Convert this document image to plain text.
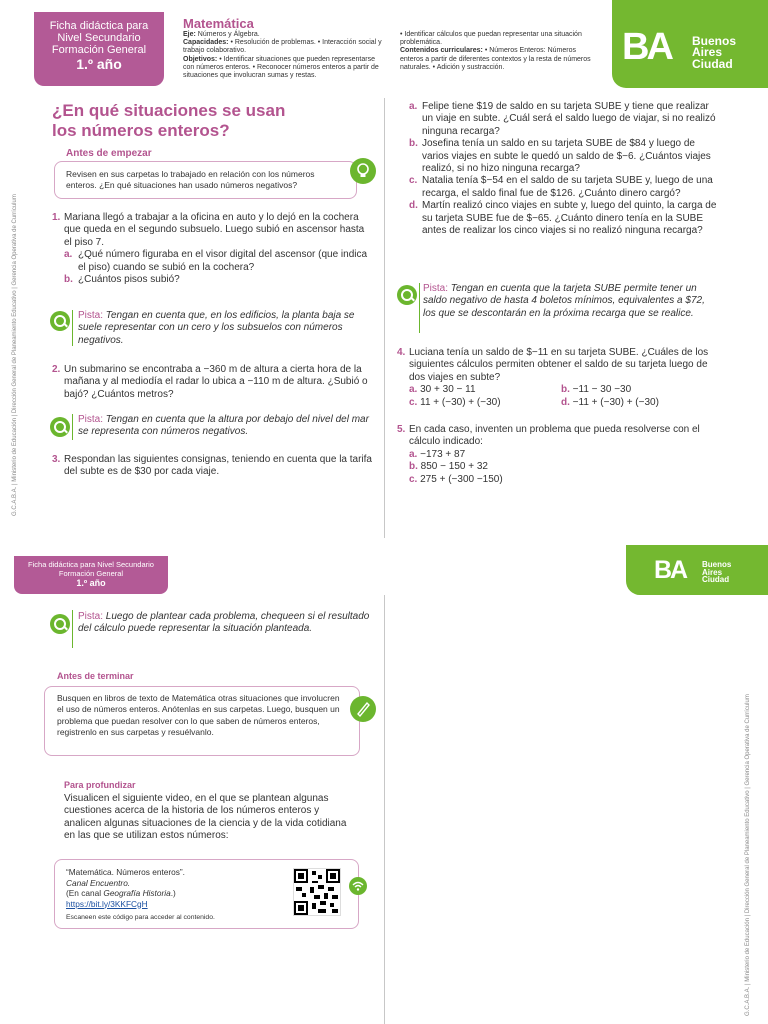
Ficha didáctica para
Nivel Secundario
Formación General
1.º año
Matemática
Eje: Números y Álgebra.
Capacidades: • Resolución de problemas. • Interacción social y trabajo colaborativo.
Objetivos: • Identificar situaciones que pueden representarse con números enteros. • Reconocer números enteros a partir de situaciones que involucran sumas y restas.
• Identificar cálculos que puedan representar una situación problemática.
Contenidos curriculares: • Números Enteros: Números enteros a partir de diferentes contextos y la resta de números naturales. • Adición y sustracción.	BA Buenos
Aires
Ciudad
G.C.A.B.A. | Ministerio de Educación | Dirección General de Planeamiento Educativo | Gerencia Operativa de Currículum
G.C.A.B.A. | Ministerio de Educación | Dirección General de Planeamiento Educativo | Gerencia Operativa de Currículum
¿En qué situaciones se usan
los números enteros?
Antes de empezar
Revisen en sus carpetas lo trabajado en relación con los números enteros. ¿En qué situaciones han usado números negativos?
1. Mariana llegó a trabajar a la oficina en auto y lo dejó en la cochera que queda en el segundo subsuelo. Luego subió en ascensor hasta el piso 7.
a. ¿Qué número figuraba en el visor digital del ascensor (que indica el piso) cuando se subió en la cochera?
b. ¿Cuántos pisos subió?
Pista: Tengan en cuenta que, en los edificios, la planta baja se suele representar con un cero y los subsuelos con números negativos.
2. Un submarino se encontraba a −360 m de altura a cierta hora de la mañana y al mediodía el radar lo ubica a −110 m de altura. ¿Subió o bajó? ¿Cuántos metros?
Pista: Tengan en cuenta que la altura por debajo del nivel del mar se representa con números negativos.
3. Respondan las siguientes consignas, teniendo en cuenta que la tarifa del subte es de $30 por cada viaje.
a. Felipe tiene $19 de saldo en su tarjeta SUBE y tiene que realizar un viaje en subte. ¿Cuál será el saldo luego de viajar, si no realizó ninguna recarga?
b. Josefina tenía un saldo en su tarjeta SUBE de $84 y luego de varios viajes en subte le quedó un saldo de $−6. ¿Cuántos viajes realizó, si no hizo ninguna recarga?
c. Natalia tenía $−54 en el saldo de su tarjeta SUBE y, luego de una recarga, el saldo final fue de $126. ¿Cuánto dinero cargó?
d. Martín realizó cinco viajes en subte y, luego del quinto, la carga de su tarjeta SUBE fue de $−65. ¿Cuánto dinero tenía en la SUBE antes de realizar los cinco viajes si no realizó ninguna recarga?
Pista: Tengan en cuenta que la tarjeta SUBE permite tener un saldo negativo de hasta 4 boletos mínimos, equivalentes a $72, los que se descontarán en la próxima recarga que se realice.
4. Luciana tenía un saldo de $−11 en su tarjeta SUBE. ¿Cuáles de los siguientes cálculos permiten obtener el saldo de su tarjeta luego de dos viajes en subte?
a. 30 + 30 − 11	b. −11 − 30 −30
c. 11 + (−30) + (−30)	d. −11 + (−30) + (−30)
5. En cada caso, inventen un problema que pueda resolverse con el cálculo indicado:
a. −173 + 87
b. 850 − 150 + 32
c. 275 + (−300 −150)
Ficha didáctica para Nivel Secundario
Formación General
1.º año	BA Buenos
Aires
Ciudad
Pista: Luego de plantear cada problema, chequeen si el resultado del cálculo puede representar la situación planteada.
Antes de terminar
Busquen en libros de texto de Matemática otras situaciones que involucren el uso de números enteros. Anótenlas en sus carpetas. Luego, busquen un problema que puedan resolver con lo que saben de números enteros, registrenlo en sus carpetas y resuélvanlo.
Para profundizar
Visualicen el siguiente video, en el que se plantean algunas cuestiones acerca de la historia de los números enteros y analicen algunas situaciones de la ciencia y de la vida cotidiana en las que se utilizan estos números:
“Matemática. Números enteros”.
Canal Encuentro.
(En canal Geografía Historia.)
https://bit.ly/3KKFCgH
Escaneen este código para acceder al contenido.
